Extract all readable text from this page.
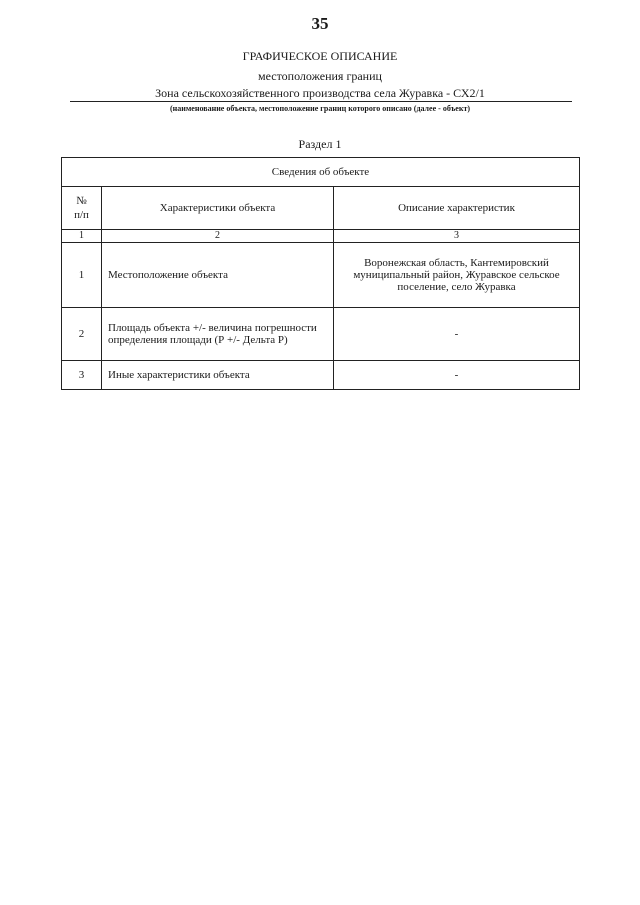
35
ГРАФИЧЕСКОЕ ОПИСАНИЕ
местоположения границ
Зона сельскохозяйственного производства села Журавка - СХ2/1
(наименование объекта, местоположение границ которого описано (далее - объект)
Раздел 1
Сведения об объекте		
№
п/п	Характеристики объекта	Описание характеристик
1	2	3
1	Местоположение объекта	Воронежская область, Кантемировский муниципальный район, Журавское сельское поселение, село Журавка
2	Площадь объекта +/- величина погрешности определения площади (Р +/- Дельта Р)	-
3	Иные характеристики объекта	-
